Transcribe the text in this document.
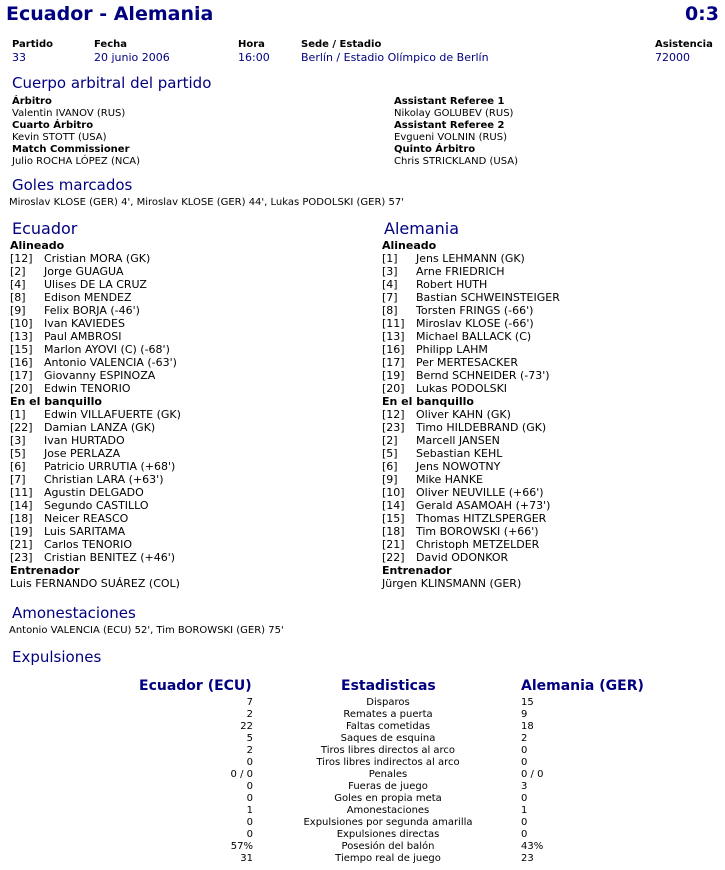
Ecuador - Alemania	0:3
Partido
33
Fecha
20 junio 2006
Hora
16:00
Sede / Estadio
Berlín / Estadio Olímpico de Berlín
Asistencia
72000
Cuerpo arbitral del partido
Árbitro
Valentin IVANOV (RUS)
Cuarto Árbitro
Kevin STOTT (USA)
Match Commissioner
Julio ROCHA LÓPEZ (NCA)
Assistant Referee 1
Nikolay GOLUBEV (RUS)
Assistant Referee 2
Evgueni VOLNIN (RUS)
Quinto Árbitro
Chris STRICKLAND (USA)
Goles marcados
Miroslav KLOSE (GER) 4', Miroslav KLOSE (GER) 44', Lukas PODOLSKI (GER) 57'
Ecuador	Alemania
Alineado
[12] Cristian MORA (GK)
[2] Jorge GUAGUA
[4] Ulises DE LA CRUZ
[8] Edison MENDEZ
[9] Felix BORJA (-46')
[10] Ivan KAVIEDES
[13] Paul AMBROSI
[15] Marlon AYOVI (C) (-68')
[16] Antonio VALENCIA (-63')
[17] Giovanny ESPINOZA
[20] Edwin TENORIO
En el banquillo
[1] Edwin VILLAFUERTE (GK)
[22] Damian LANZA (GK)
[3] Ivan HURTADO
[5] Jose PERLAZA
[6] Patricio URRUTIA (+68')
[7] Christian LARA (+63')
[11] Agustin DELGADO
[14] Segundo CASTILLO
[18] Neicer REASCO
[19] Luis SARITAMA
[21] Carlos TENORIO
[23] Cristian BENITEZ (+46')
Entrenador
Luis FERNANDO SUÁREZ (COL)
Alineado
[1] Jens LEHMANN (GK)
[3] Arne FRIEDRICH
[4] Robert HUTH
[7] Bastian SCHWEINSTEIGER
[8] Torsten FRINGS (-66')
[11] Miroslav KLOSE (-66')
[13] Michael BALLACK (C)
[16] Philipp LAHM
[17] Per MERTESACKER
[19] Bernd SCHNEIDER (-73')
[20] Lukas PODOLSKI
En el banquillo
[12] Oliver KAHN (GK)
[23] Timo HILDEBRAND (GK)
[2] Marcell JANSEN
[5] Sebastian KEHL
[6] Jens NOWOTNY
[9] Mike HANKE
[10] Oliver NEUVILLE (+66')
[14] Gerald ASAMOAH (+73')
[15] Thomas HITZLSPERGER
[18] Tim BOROWSKI (+66')
[21] Christoph METZELDER
[22] David ODONKOR
Entrenador
Jürgen KLINSMANN (GER)
Amonestaciones
Antonio VALENCIA (ECU) 52', Tim BOROWSKI (GER) 75'
Expulsiones
Ecuador (ECU)	Estadisticas	Alemania (GER)
7	Disparos	15
2	Remates a puerta	9
22	Faltas cometidas	18
5	Saques de esquina	2
2	Tiros libres directos al arco	0
0	Tiros libres indirectos al arco	0
0 / 0	Penales	0 / 0
0	Fueras de juego	3
0	Goles en propia meta	0
1	Amonestaciones	1
0	Expulsiones por segunda amarilla	0
0	Expulsiones directas	0
57%	Posesión del balón	43%
31	Tiempo real de juego	23
